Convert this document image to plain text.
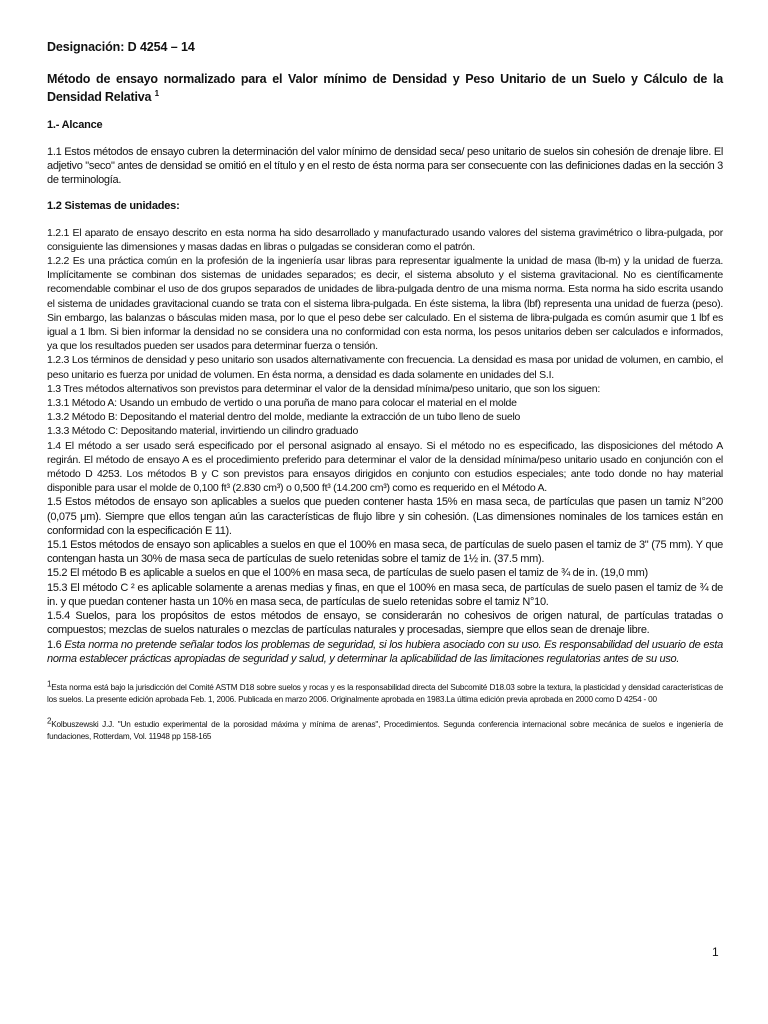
Designación: D 4254 – 14

Método de ensayo normalizado para el Valor mínimo de Densidad y Peso Unitario de un Suelo y Cálculo de la Densidad Relativa $^1$

1.- Alcance

1.1 Estos métodos de ensayo cubren la determinación del valor mínimo de densidad seca/ peso unitario de suelos sin cohesión de drenaje libre. El adjetivo "seco" antes de densidad se omitió en el título y en el resto de ésta norma para ser consecuente con las definiciones dadas en la sección 3 de terminología.

1.2 Sistemas de unidades:

1.2.1 El aparato de ensayo descrito en esta norma ha sido desarrollado y manufacturado usando valores del sistema gravimétrico o libra-pulgada, por consiguiente las dimensiones y masas dadas en libras o pulgadas se consideran como el patrón.

1.2.2 Es una práctica común en la profesión de la ingeniería usar libras para representar igualmente la unidad de masa (lb-m) y la unidad de fuerza. Implícitamente se combinan dos sistemas de unidades separados; es decir, el sistema absoluto y el sistema gravitacional. No es científicamente recomendable combinar el uso de dos grupos separados de unidades de libra-pulgada dentro de una misma norma. Esta norma ha sido escrita usando el sistema de unidades gravitacional cuando se trata con el sistema libra-pulgada. En éste sistema, la libra (lbf) representa una unidad de fuerza (peso). Sin embargo, las balanzas o básculas miden masa, por lo que el peso debe ser calculado. En el sistema de libra-pulgada es común asumir que 1 lbf es igual a 1 lbm. Si bien informar la densidad no se considera una no conformidad con esta norma, los pesos unitarios deben ser calculados e informados, ya que los resultados pueden ser usados para determinar fuerza o tensión.

1.2.3 Los términos de densidad y peso unitario son usados alternativamente con frecuencia. La densidad es masa por unidad de volumen, en cambio, el peso unitario es fuerza por unidad de volumen. En ésta norma, a densidad es dada solamente en unidades del S.I.

1.3 Tres métodos alternativos son previstos para determinar el valor de la densidad mínima/peso unitario, que son los siguen:

1.3.1 Método A: Usando un embudo de vertido o una poruña de mano para colocar el material en el molde

1.3.2 Método B: Depositando el material dentro del molde, mediante la extracción de un tubo lleno de suelo

1.3.3 Método C: Depositando material, invirtiendo un cilindro graduado

1.4 El método a ser usado será especificado por el personal asignado al ensayo. Si el método no es especificado, las disposiciones del método A regirán. El método de ensayo A es el procedimiento preferido para determinar el valor de la densidad mínima/peso unitario usado en conjunción con el método D 4253. Los métodos B y C son previstos para ensayos dirigidos en conjunto con estudios especiales; ante todo donde no hay material disponible para usar el molde de 0,100 ft³ (2.830 cm³) o 0,500 ft³ (14.200 cm³) como es requerido en el Método A.

1.5 Estos métodos de ensayo son aplicables a suelos que pueden contener hasta 15% en masa seca, de partículas que pasen un tamiz N°200 (0,075 μm). Siempre que ellos tengan aún las características de flujo libre y sin cohesión. (Las dimensiones nominales de los tamices están en conformidad con la especificación E 11).

15.1 Estos métodos de ensayo son aplicables a suelos en que el 100% en masa seca, de partículas de suelo pasen el tamiz de 3" (75 mm). Y que contengan hasta un 30% de masa seca de partículas de suelo retenidas sobre el tamiz de 1½ in. (37.5 mm).

15.2 El método B es aplicable a suelos en que el 100% en masa seca, de partículas de suelo pasen el tamiz de ¾ de in. (19,0 mm)

15.3 El método C ² es aplicable solamente a arenas medias y finas, en que el 100% en masa seca, de partículas de suelo pasen el tamiz de ¾ de in. y que puedan contener hasta un 10% en masa seca, de partículas de suelo retenidas sobre el tamiz N°10.

1.5.4 Suelos, para los propósitos de estos métodos de ensayo, se considerarán no cohesivos de origen natural, de partículas tratadas o compuestos; mezclas de suelos naturales o mezclas de partículas naturales y procesadas, siempre que ellos sean de drenaje libre.

1.6 Esta norma no pretende señalar todos los problemas de seguridad, si los hubiera asociado con su uso. Es responsabilidad del usuario de esta norma establecer prácticas apropiadas de seguridad y salud, y determinar la aplicabilidad de las limitaciones regulatorias antes de su uso.

$^1$Esta norma está bajo la jurisdicción del Comité ASTM D18 sobre suelos y rocas y es la responsabilidad directa del Subcomité D18.03 sobre la textura, la plasticidad y densidad características de los suelos. La presente edición aprobada Feb. 1, 2006. Publicada en marzo 2006. Originalmente aprobada en 1983.La última edición previa aprobada en 2000 como D 4254 - 00

$^2$Kolbuszewski J.J. "Un estudio experimental de la porosidad máxima y mínima de arenas", Procedimientos. Segunda conferencia internacional sobre mecánica de suelos e ingeniería de fundaciones, Rotterdam, Vol. 11948 pp 158-165

1
